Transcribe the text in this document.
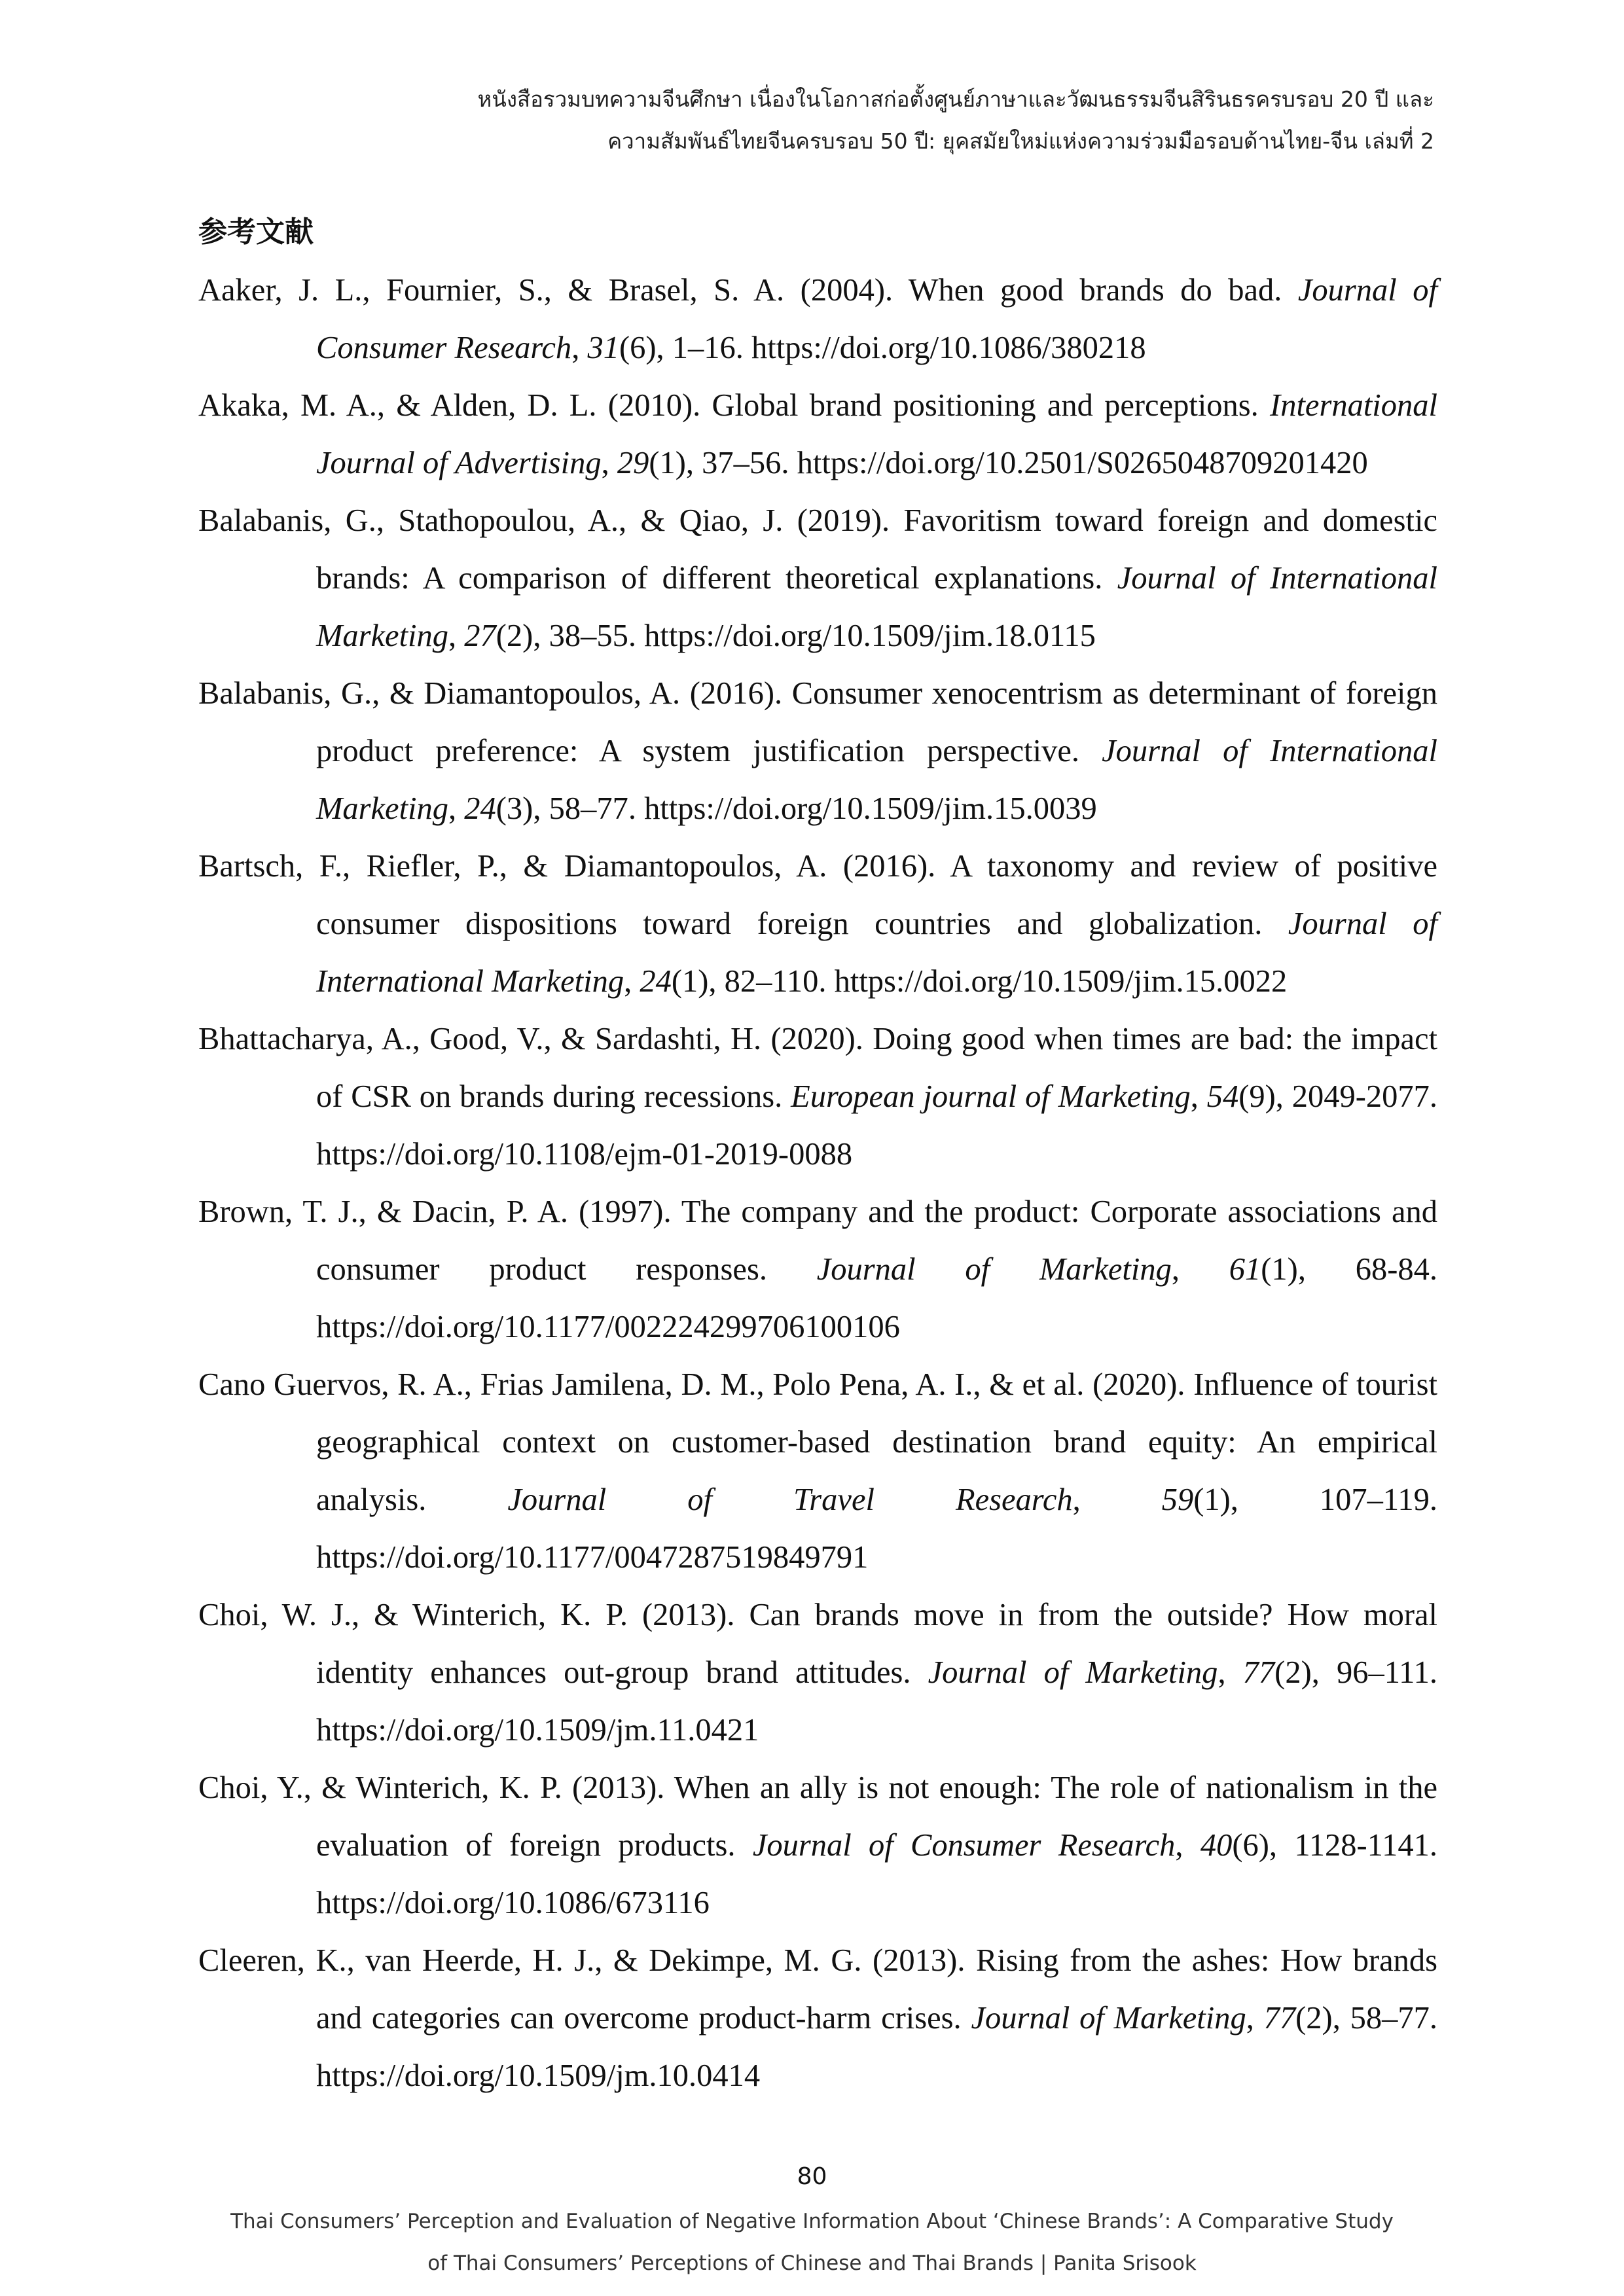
หนังสือรวมบทความจีนศึกษา เนื่องในโอกาสก่อตั้งศูนย์ภาษาและวัฒนธรรมจีนสิรินธรครบรอบ 20 ปี และ
ความสัมพันธ์ไทยจีนครบรอบ 50 ปี: ยุคสมัยใหม่แห่งความร่วมมือรอบด้านไทย-จีน เล่มที่ 2
参考文献
Aaker, J. L., Fournier, S., & Brasel, S. A. (2004). When good brands do bad. Journal of Consumer Research, 31(6), 1–16. https://doi.org/10.1086/380218
Akaka, M. A., & Alden, D. L. (2010). Global brand positioning and perceptions. International Journal of Advertising, 29(1), 37–56. https://doi.org/10.2501/S0265048709201420
Balabanis, G., Stathopoulou, A., & Qiao, J. (2019). Favoritism toward foreign and domestic brands: A comparison of different theoretical explanations. Journal of International Marketing, 27(2), 38–55. https://doi.org/10.1509/jim.18.0115
Balabanis, G., & Diamantopoulos, A. (2016). Consumer xenocentrism as determinant of foreign product preference: A system justification perspective. Journal of International Marketing, 24(3), 58–77. https://doi.org/10.1509/jim.15.0039
Bartsch, F., Riefler, P., & Diamantopoulos, A. (2016). A taxonomy and review of positive consumer dispositions toward foreign countries and globalization. Journal of International Marketing, 24(1), 82–110. https://doi.org/10.1509/jim.15.0022
Bhattacharya, A., Good, V., & Sardashti, H. (2020). Doing good when times are bad: the impact of CSR on brands during recessions. European journal of Marketing, 54(9), 2049-2077. https://doi.org/10.1108/ejm-01-2019-0088
Brown, T. J., & Dacin, P. A. (1997). The company and the product: Corporate associations and consumer product responses. Journal of Marketing, 61(1), 68-84. https://doi.org/10.1177/002224299706100106
Cano Guervos, R. A., Frias Jamilena, D. M., Polo Pena, A. I., & et al. (2020). Influence of tourist geographical context on customer-based destination brand equity: An empirical analysis. Journal of Travel Research, 59(1), 107–119. https://doi.org/10.1177/0047287519849791
Choi, W. J., & Winterich, K. P. (2013). Can brands move in from the outside? How moral identity enhances out-group brand attitudes. Journal of Marketing, 77(2), 96–111. https://doi.org/10.1509/jm.11.0421
Choi, Y., & Winterich, K. P. (2013). When an ally is not enough: The role of nationalism in the evaluation of foreign products. Journal of Consumer Research, 40(6), 1128-1141. https://doi.org/10.1086/673116
Cleeren, K., van Heerde, H. J., & Dekimpe, M. G. (2013). Rising from the ashes: How brands and categories can overcome product-harm crises. Journal of Marketing, 77(2), 58–77. https://doi.org/10.1509/jm.10.0414
80
Thai Consumers’ Perception and Evaluation of Negative Information About ‘Chinese Brands’: A Comparative Study
of Thai Consumers’ Perceptions of Chinese and Thai Brands | Panita Srisook
